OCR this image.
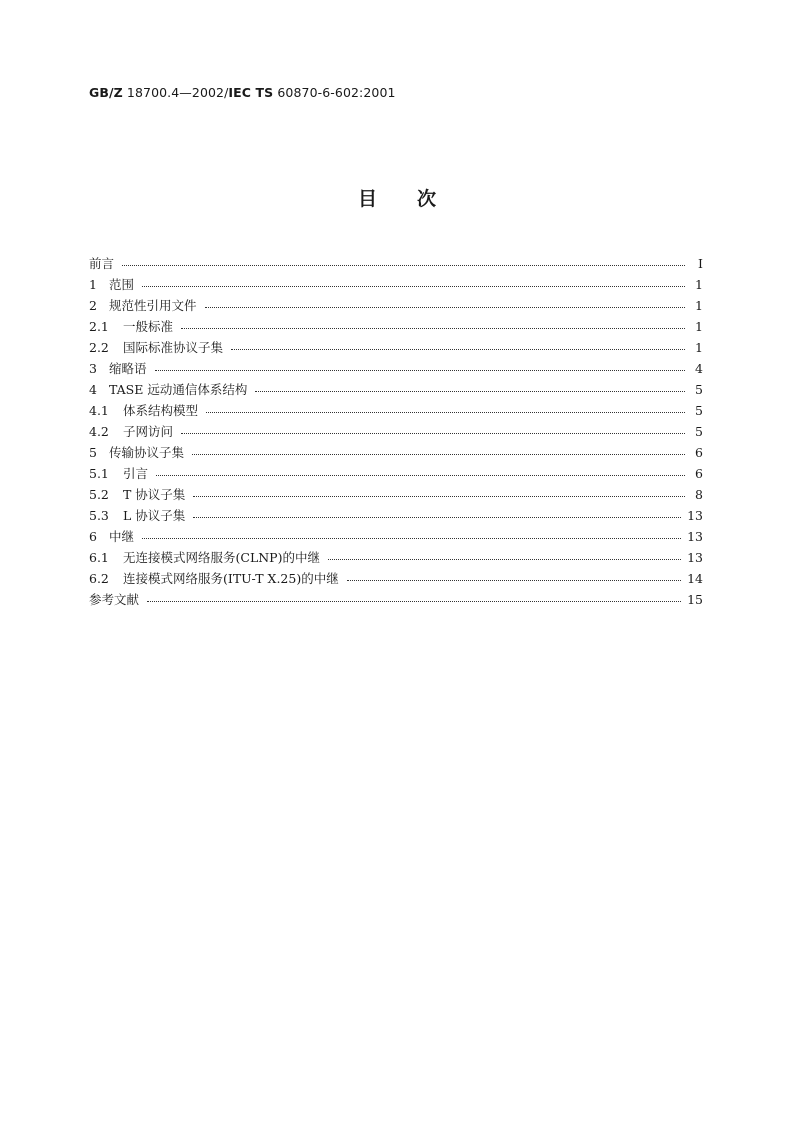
GB/Z 18700.4—2002/IEC TS 60870-6-602:2001
目次
前言	I
1 范围	1
2 规范性引用文件	1
2.1	一般标准	1
2.2	国际标准协议子集	1
3 缩略语	4
4 TASE 远动通信体系结构	5
4.1	体系结构模型	5
4.2	子网访问	5
5 传输协议子集	6
5.1	引言	6
5.2	T 协议子集	8
5.3	L 协议子集	13
6 中继	13
6.1	无连接模式网络服务(CLNP)的中继	13
6.2	连接模式网络服务(ITU-T X.25)的中继	14
参考文献	15
